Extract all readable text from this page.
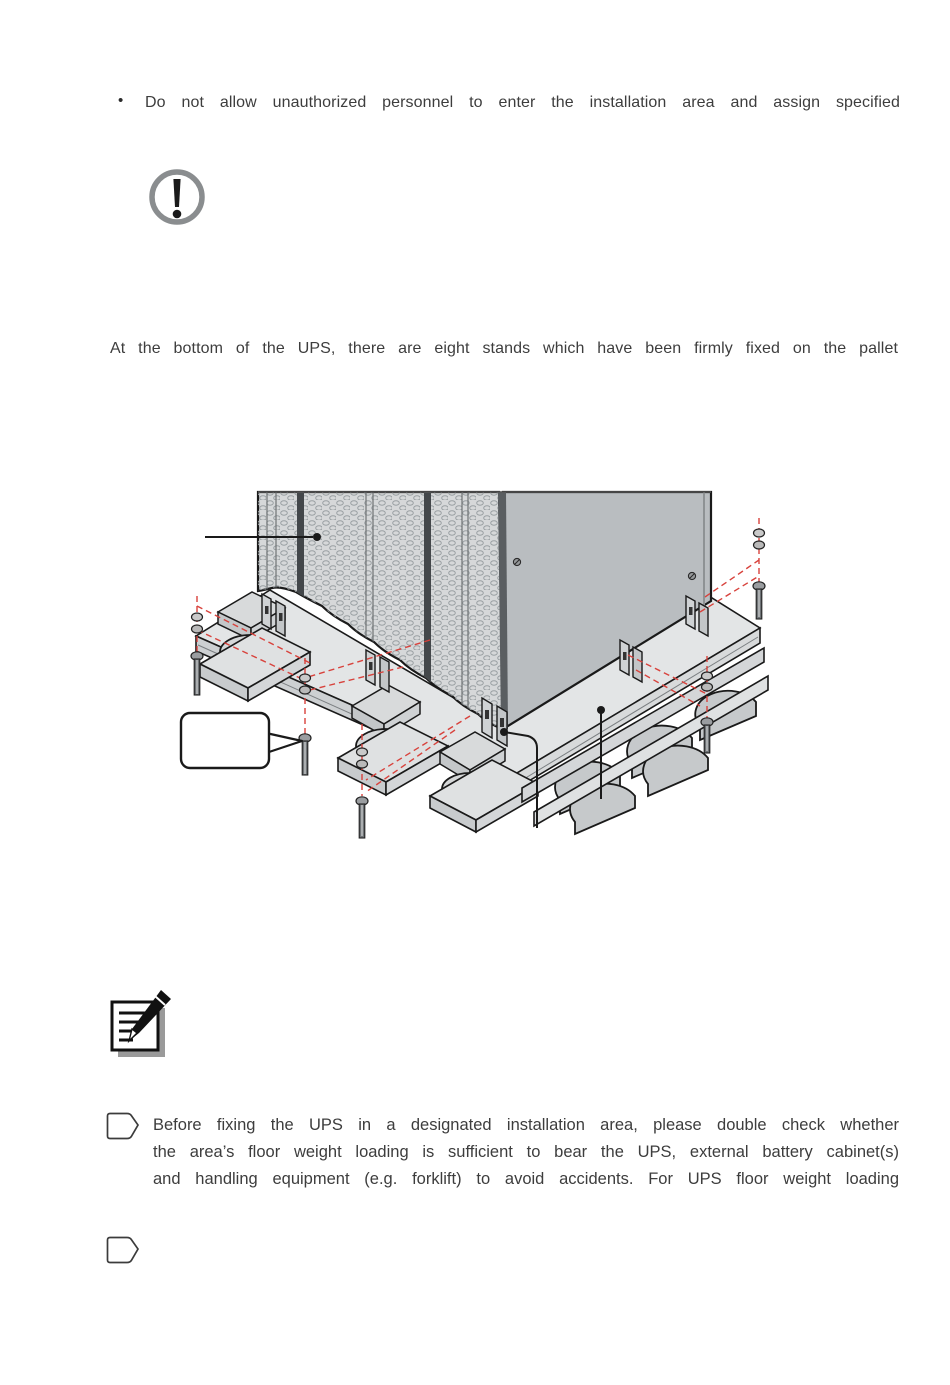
•	Do not allow unauthorized personnel to enter the installation area and assign specified
At the bottom of the UPS, there are eight stands which have been firmly fixed on the pallet
Before fixing the UPS in a designated installation area, please double check whether
the area’s floor weight loading is sufficient to bear the UPS, external battery cabinet(s)
and handling equipment (e.g. forklift) to avoid accidents. For UPS floor weight loading
